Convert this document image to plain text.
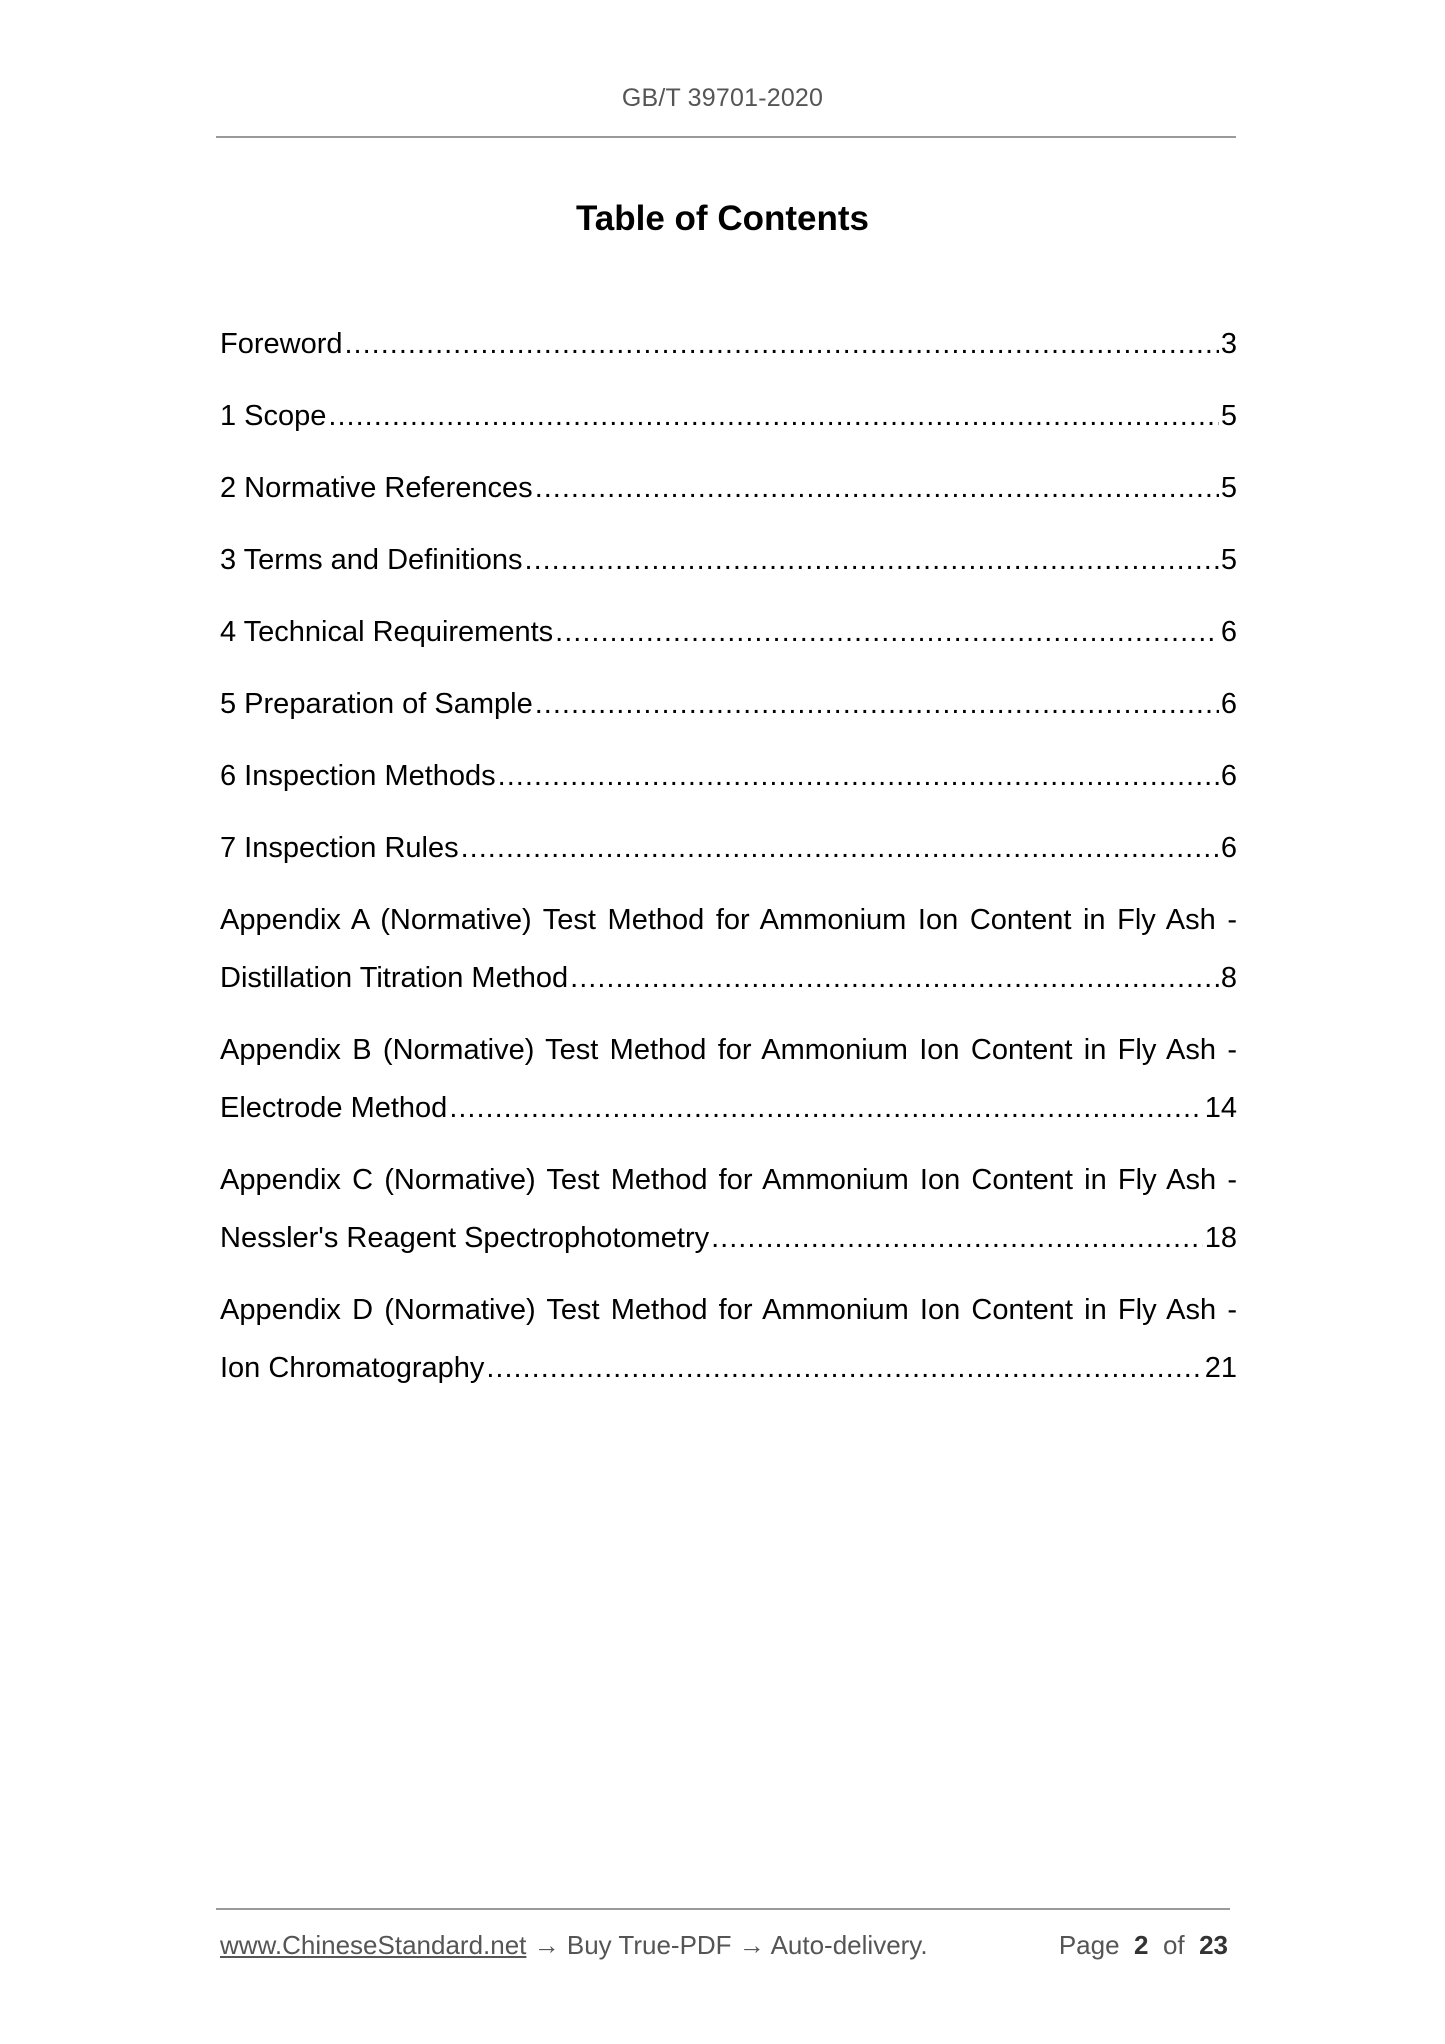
GB/T 39701-2020
Table of Contents
Foreword .....	3
1 Scope .....	5
2 Normative References .....	5
3 Terms and Definitions .....	5
4 Technical Requirements .....	6
5 Preparation of Sample .....	6
6 Inspection Methods .....	6
7 Inspection Rules .....	6
Appendix A (Normative) Test Method for Ammonium Ion Content in Fly Ash -
Distillation Titration Method .....	8
Appendix B (Normative) Test Method for Ammonium Ion Content in Fly Ash -
Electrode Method .....	14
Appendix C (Normative) Test Method for Ammonium Ion Content in Fly Ash -
Nessler's Reagent Spectrophotometry .....	18
Appendix D (Normative) Test Method for Ammonium Ion Content in Fly Ash -
Ion Chromatography .....	21
www.ChineseStandard.net → Buy True-PDF → Auto-delivery.	Page 2 of 23
